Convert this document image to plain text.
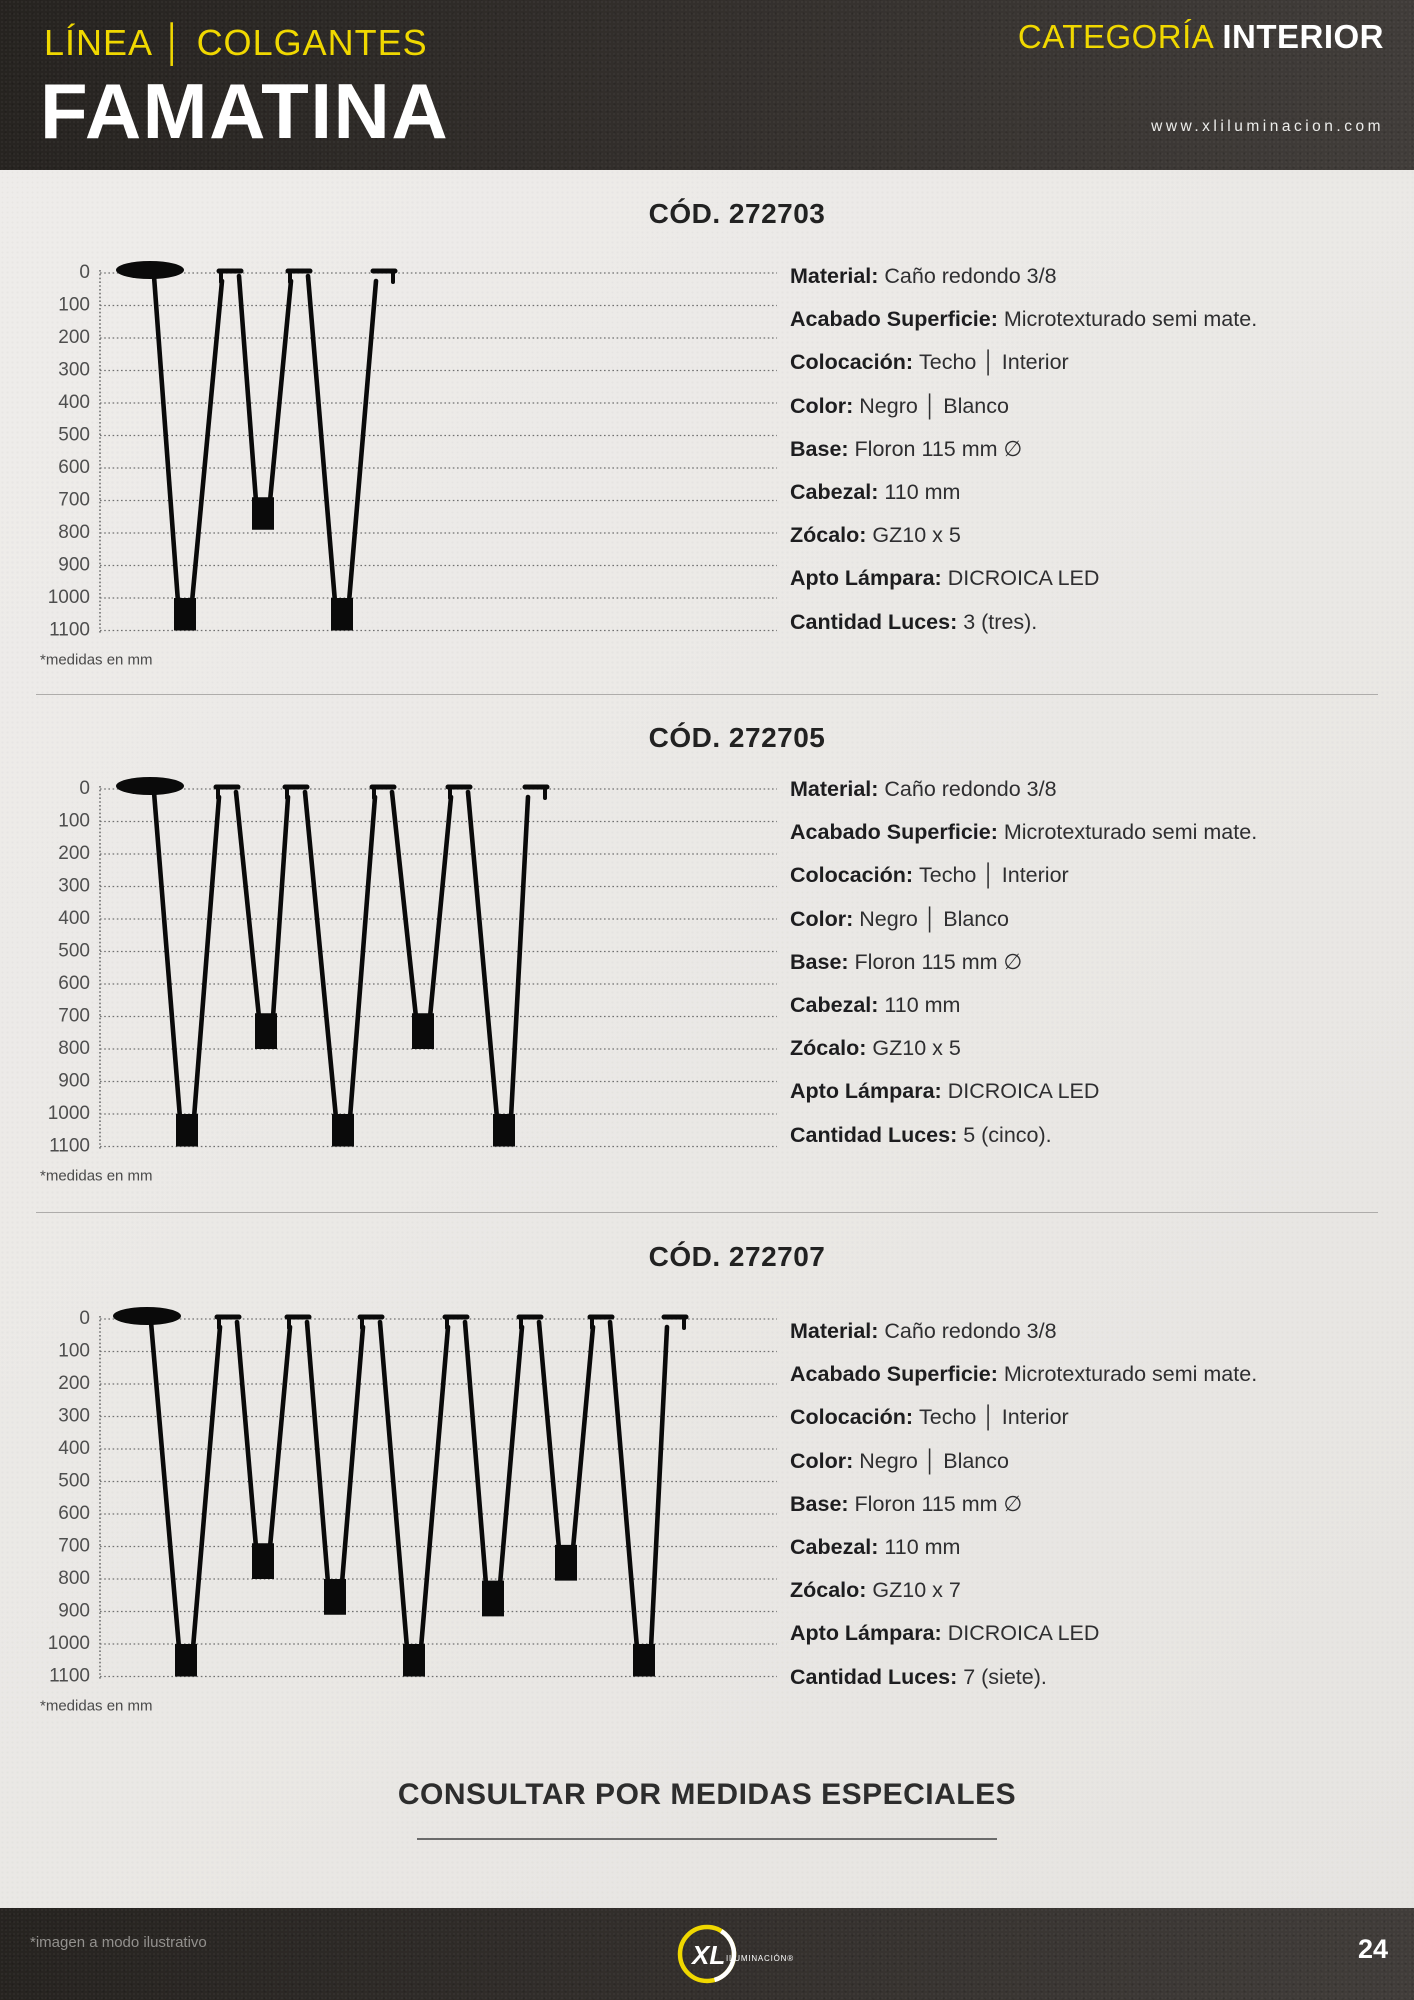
LÍNEA │ COLGANTES
FAMATINA
CATEGORÍA INTERIOR
www.xliluminacion.com
CÓD. 272703
0
100
200
300
400
500
600
700
800
900
1000
1100
*medidas en mm
Material: Caño redondo 3/8
Acabado Superficie: Microtexturado semi mate.
Colocación: Techo │ Interior
Color: Negro │ Blanco
Base: Floron 115 mm ∅
Cabezal: 110 mm
Zócalo: GZ10 x 5
Apto Lámpara: DICROICA LED
Cantidad Luces: 3 (tres).
CÓD. 272705
0
100
200
300
400
500
600
700
800
900
1000
1100
*medidas en mm
Material: Caño redondo 3/8
Acabado Superficie: Microtexturado semi mate.
Colocación: Techo │ Interior
Color: Negro │ Blanco
Base: Floron 115 mm ∅
Cabezal: 110 mm
Zócalo: GZ10 x 5
Apto Lámpara: DICROICA LED
Cantidad Luces: 5 (cinco).
CÓD. 272707
0
100
200
300
400
500
600
700
800
900
1000
1100
*medidas en mm
Material: Caño redondo 3/8
Acabado Superficie: Microtexturado semi mate.
Colocación: Techo │ Interior
Color: Negro │ Blanco
Base: Floron 115 mm ∅
Cabezal: 110 mm
Zócalo: GZ10 x 7
Apto Lámpara: DICROICA LED
Cantidad Luces: 7 (siete).
CONSULTAR POR MEDIDAS ESPECIALES
*imagen a modo ilustrativo	XL ILUMINACIÓN®	24
